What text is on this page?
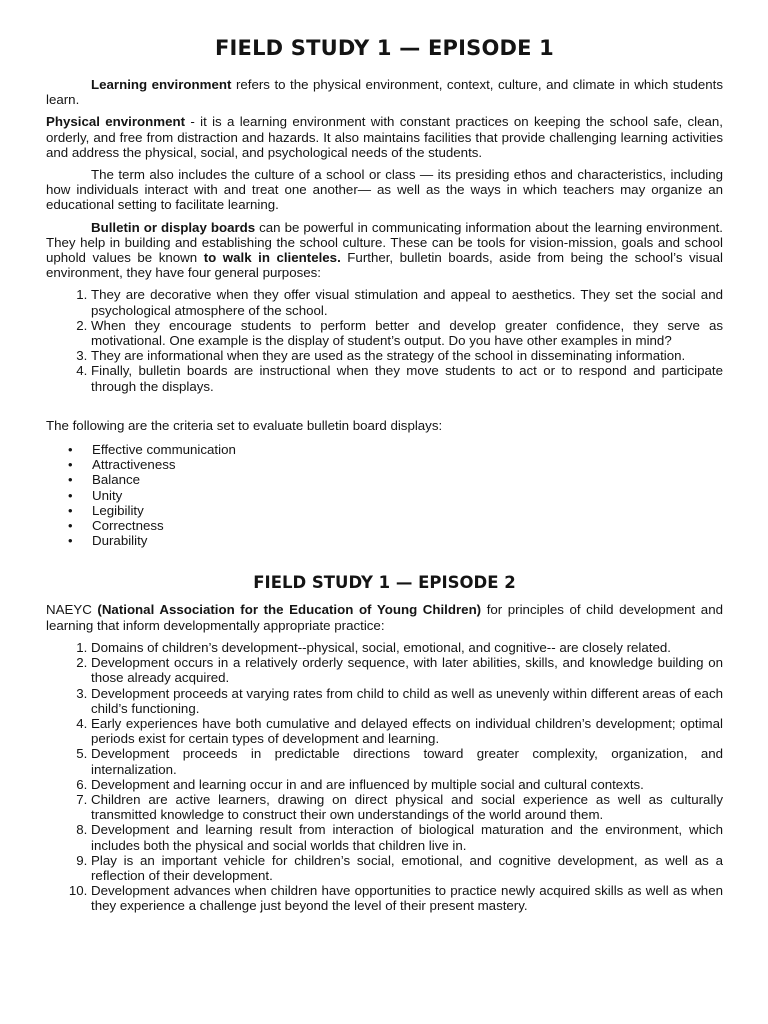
FIELD STUDY 1 — EPISODE 1

Learning environment refers to the physical environment, context, culture, and climate in which students learn.

Physical environment - it is a learning environment with constant practices on keeping the school safe, clean, orderly, and free from distraction and hazards. It also maintains facilities that provide challenging learning activities and address the physical, social, and psychological needs of the students.

The term also includes the culture of a school or class — its presiding ethos and characteristics, including how individuals interact with and treat one another— as well as the ways in which teachers may organize an educational setting to facilitate learning.

Bulletin or display boards can be powerful in communicating information about the learning environment. They help in building and establishing the school culture. These can be tools for vision-mission, goals and school uphold values be known to walk in clienteles. Further, bulletin boards, aside from being the school’s visual environment, they have four general purposes:

1. They are decorative when they offer visual stimulation and appeal to aesthetics. They set the social and psychological atmosphere of the school.
2. When they encourage students to perform better and develop greater confidence, they serve as motivational. One example is the display of student’s output. Do you have other examples in mind?
3. They are informational when they are used as the strategy of the school in disseminating information.
4. Finally, bulletin boards are instructional when they move students to act or to respond and participate through the displays.

The following are the criteria set to evaluate bulletin board displays:

• Effective communication
• Attractiveness
• Balance
• Unity
• Legibility
• Correctness
• Durability
FIELD STUDY 1 — EPISODE 2

NAEYC (National Association for the Education of Young Children) for principles of child development and learning that inform developmentally appropriate practice:

1. Domains of children’s development--physical, social, emotional, and cognitive-- are closely related.
2. Development occurs in a relatively orderly sequence, with later abilities, skills, and knowledge building on those already acquired.
3. Development proceeds at varying rates from child to child as well as unevenly within different areas of each child’s functioning.
4. Early experiences have both cumulative and delayed effects on individual children’s development; optimal periods exist for certain types of development and learning.
5. Development proceeds in predictable directions toward greater complexity, organization, and internalization.
6. Development and learning occur in and are influenced by multiple social and cultural contexts.
7. Children are active learners, drawing on direct physical and social experience as well as culturally transmitted knowledge to construct their own understandings of the world around them.
8. Development and learning result from interaction of biological maturation and the environment, which includes both the physical and social worlds that children live in.
9. Play is an important vehicle for children’s social, emotional, and cognitive development, as well as a reflection of their development.
10. Development advances when children have opportunities to practice newly acquired skills as well as when they experience a challenge just beyond the level of their present mastery.
